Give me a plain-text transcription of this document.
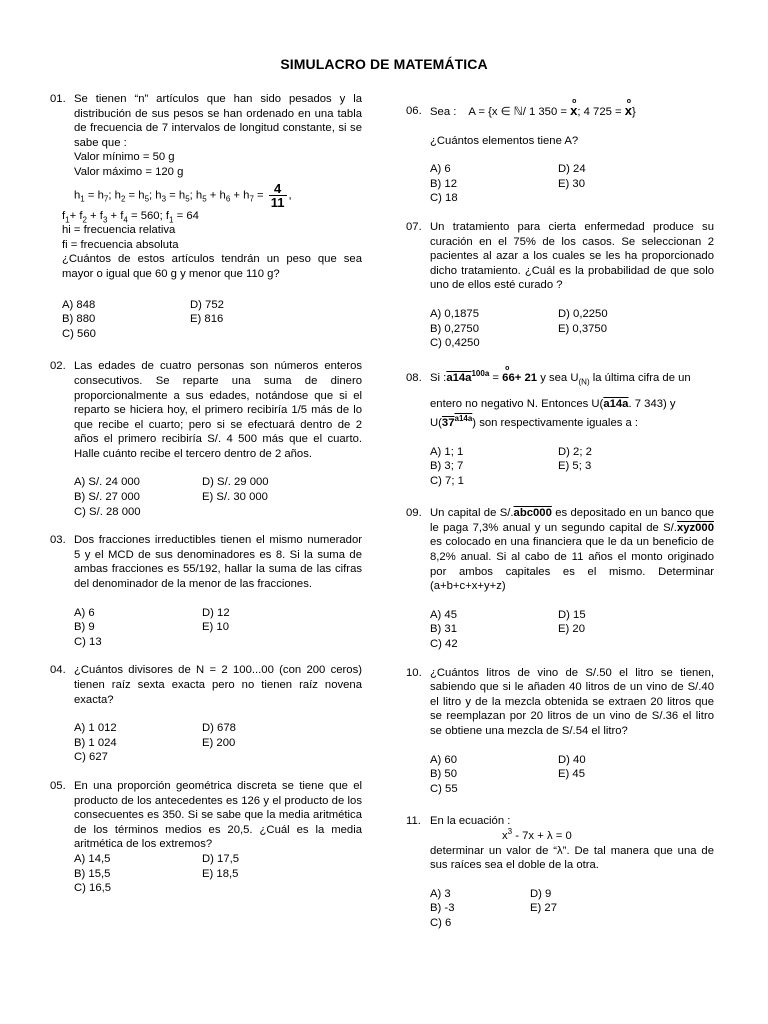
SIMULACRO DE MATEMÁTICA
01. Se tienen “n” artículos que han sido pesados y la distribución de sus pesos se han ordenado en una tabla de frecuencia de 7 intervalos de longitud constante, si se sabe que :
Valor mínimo = 50 g
Valor máximo = 120 g
$h_1 = h_7$; $h_2 = h_5$; $h_3 = h_5$; $h_5 + h_6 + h_7 = \frac{4}{11}$ ,
$f_1+ f_2 + f_3 + f_4 = 560$; $f_1 = 64$
hi = frecuencia relativa
fi = frecuencia absoluta
¿Cuántos de estos artículos tendrán un peso que sea mayor o igual que 60 g y menor que 110 g?
A) 848	D) 752
B) 880	E) 816
C) 560
02. Las edades de cuatro personas son números enteros consecutivos. Se reparte una suma de dinero proporcionalmente a sus edades, notándose que si el reparto se hiciera hoy, el primero recibiría 1/5 más de lo que recibe el cuarto; pero si se efectuará dentro de 2 años el primero recibiría S/. 4 500 más que el cuarto. Halle cuánto recibe el tercero dentro de 2 años.
A) S/. 24 000	D) S/. 29 000
B) S/. 27 000	E) S/. 30 000
C) S/. 28 000
03. Dos fracciones irreductibles tienen el mismo numerador 5 y el MCD de sus denominadores es 8. Si la suma de ambas fracciones es 55/192, hallar la suma de las cifras del denominador de la menor de las fracciones.
A) 6	D) 12
B) 9	E) 10
C) 13
04. ¿Cuántos divisores de N = 2 100...00 (con 200 ceros) tienen raíz sexta exacta pero no tienen raíz novena exacta?
A) 1 012	D) 678
B) 1 024	E) 200
C) 627
05. En una proporción geométrica discreta se tiene que el producto de los antecedentes es 126 y el producto de los consecuentes es 350. Si se sabe que la media aritmética de los términos medios es 20,5. ¿Cuál es la media aritmética de los extremos?
A) 14,5	D) 17,5
B) 15,5	E) 18,5
C) 16,5
06. Sea : A = {x ∈ ℕ/ 1 350 = o x; 4 725 = o x}
¿Cuántos elementos tiene A?
A) 6	D) 24
B) 12	E) 30
C) 18
07. Un tratamiento para cierta enfermedad produce su curación en el 75% de los casos. Se seleccionan 2 pacientes al azar a los cuales se les ha proporcionado dicho tratamiento. ¿Cuál es la probabilidad de que solo uno de ellos esté curado ?
A) 0,1875	D) 0,2250
B) 0,2750	E) 0,3750
C) 0,4250
08. Si $:a14a^{100a} = o$ 66+ 21 y sea $U_{(N)}$ la última cifra de un
entero no negativo N. Entonces U(a14a. 7 343) y
$U(37^{a14a})$ son respectivamente iguales a :
A) 1; 1	D) 2; 2
B) 3; 7	E) 5; 3
C) 7; 1
09. Un capital de S/.abc000 es depositado en un banco que le paga 7,3% anual y un segundo capital de S/.xyz000 es colocado en una financiera que le da un beneficio de 8,2% anual. Si al cabo de 11 años el monto originado por ambos capitales es el mismo. Determinar (a+b+c+x+y+z)
A) 45	D) 15
B) 31	E) 20
C) 42
10. ¿Cuántos litros de vino de S/.50 el litro se tienen, sabiendo que si le añaden 40 litros de un vino de S/.40 el litro y de la mezcla obtenida se extraen 20 litros que se reemplazan por 20 litros de un vino de S/.36 el litro se obtiene una mezcla de S/.54 el litro?
A) 60	D) 40
B) 50	E) 45
C) 55
11. En la ecuación :
$x^3 - 7x + \lambda = 0$
determinar un valor de “λ”. De tal manera que una de sus raíces sea el doble de la otra.
A) 3	D) 9
B) -3	E) 27
C) 6
